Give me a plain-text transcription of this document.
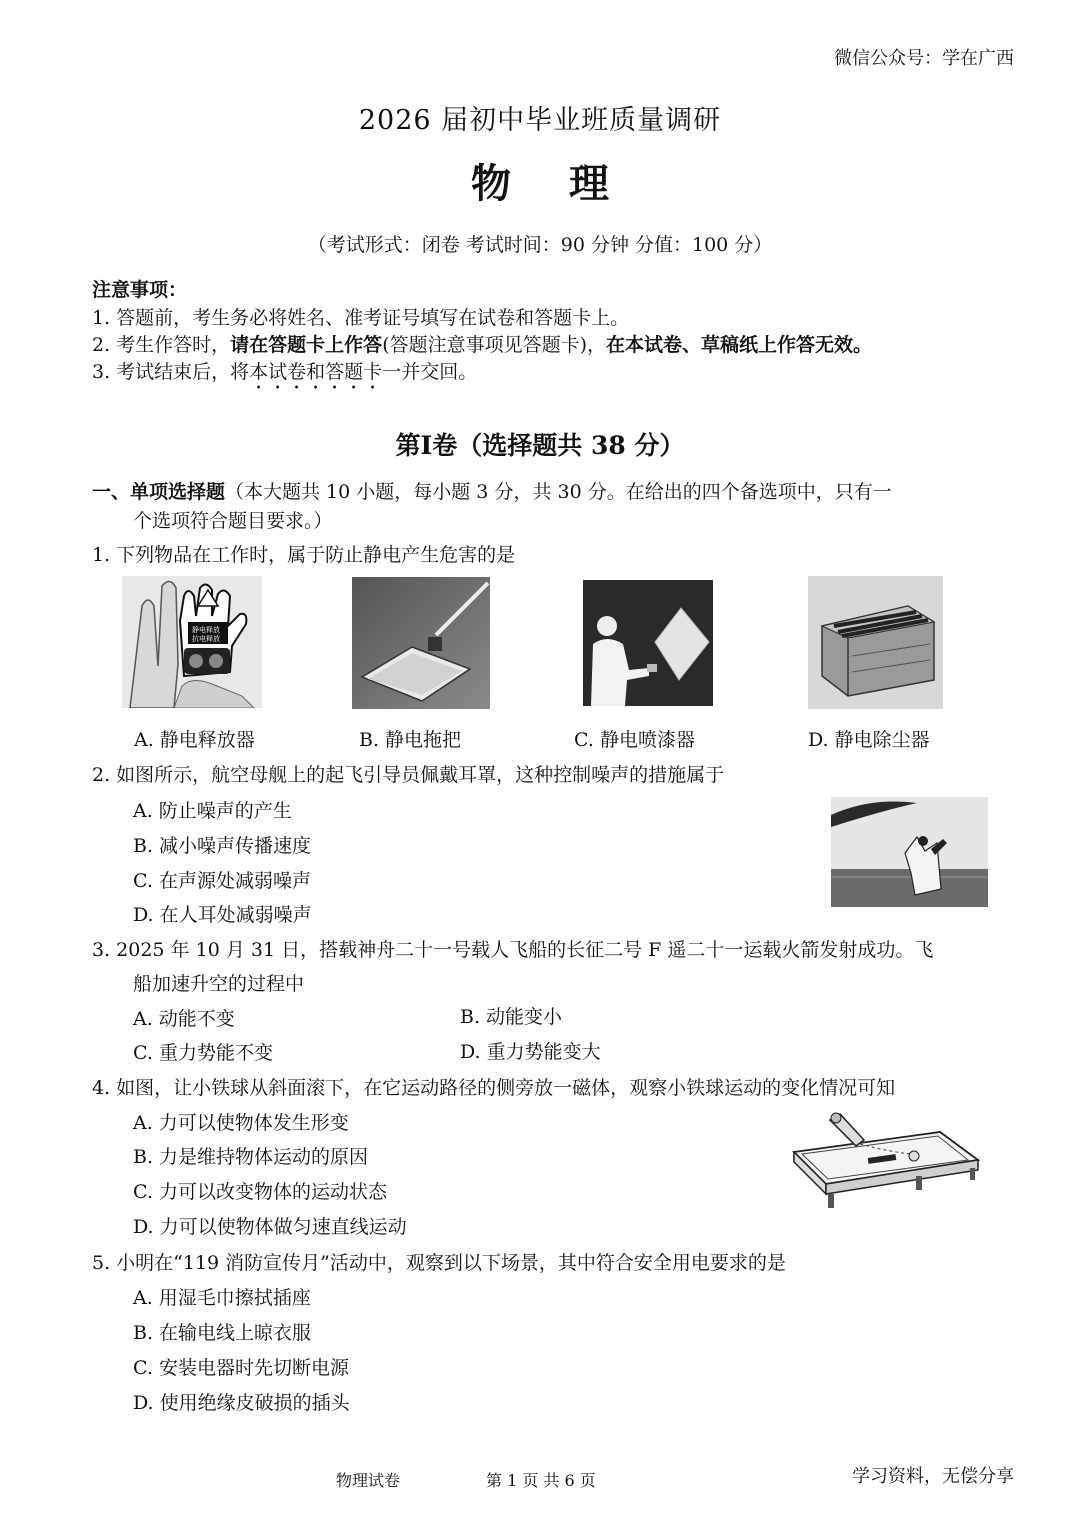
微信公众号：学在广西
2026 届初中毕业班质量调研
物 理
（考试形式：闭卷 考试时间：90 分钟 分值：100 分）
注意事项：
1. 答题前，考生务必将姓名、准考证号填写在试卷和答题卡上。
2. 考生作答时，请在答题卡上作答(答题注意事项见答题卡)，在本试卷、草稿纸上作答无效。
3. 考试结束后，将本试卷和答题卡一并交回。
第Ⅰ卷（选择题共 38 分）
一、单项选择题（本大题共 10 小题，每小题 3 分，共 30 分。在给出的四个备选项中，只有一
个选项符合题目要求。）
1. 下列物品在工作时，属于防止静电产生危害的是
静电释放
抗电释放
A. 静电释放器	B. 静电拖把	C. 静电喷漆器	D. 静电除尘器
2. 如图所示，航空母舰上的起飞引导员佩戴耳罩，这种控制噪声的措施属于
A. 防止噪声的产生
B. 减小噪声传播速度
C. 在声源处减弱噪声
D. 在人耳处减弱噪声
3. 2025 年 10 月 31 日，搭载神舟二十一号载人飞船的长征二号 F 遥二十一运载火箭发射成功。飞
船加速升空的过程中
A. 动能不变	B. 动能变小
C. 重力势能不变	D. 重力势能变大
4. 如图，让小铁球从斜面滚下，在它运动路径的侧旁放一磁体，观察小铁球运动的变化情况可知
A. 力可以使物体发生形变
B. 力是维持物体运动的原因
C. 力可以改变物体的运动状态
D. 力可以使物体做匀速直线运动
5. 小明在“119 消防宣传月”活动中，观察到以下场景，其中符合安全用电要求的是
A. 用湿毛巾擦拭插座
B. 在输电线上晾衣服
C. 安装电器时先切断电源
D. 使用绝缘皮破损的插头
物理试卷	第 1 页 共 6 页	学习资料，无偿分享
